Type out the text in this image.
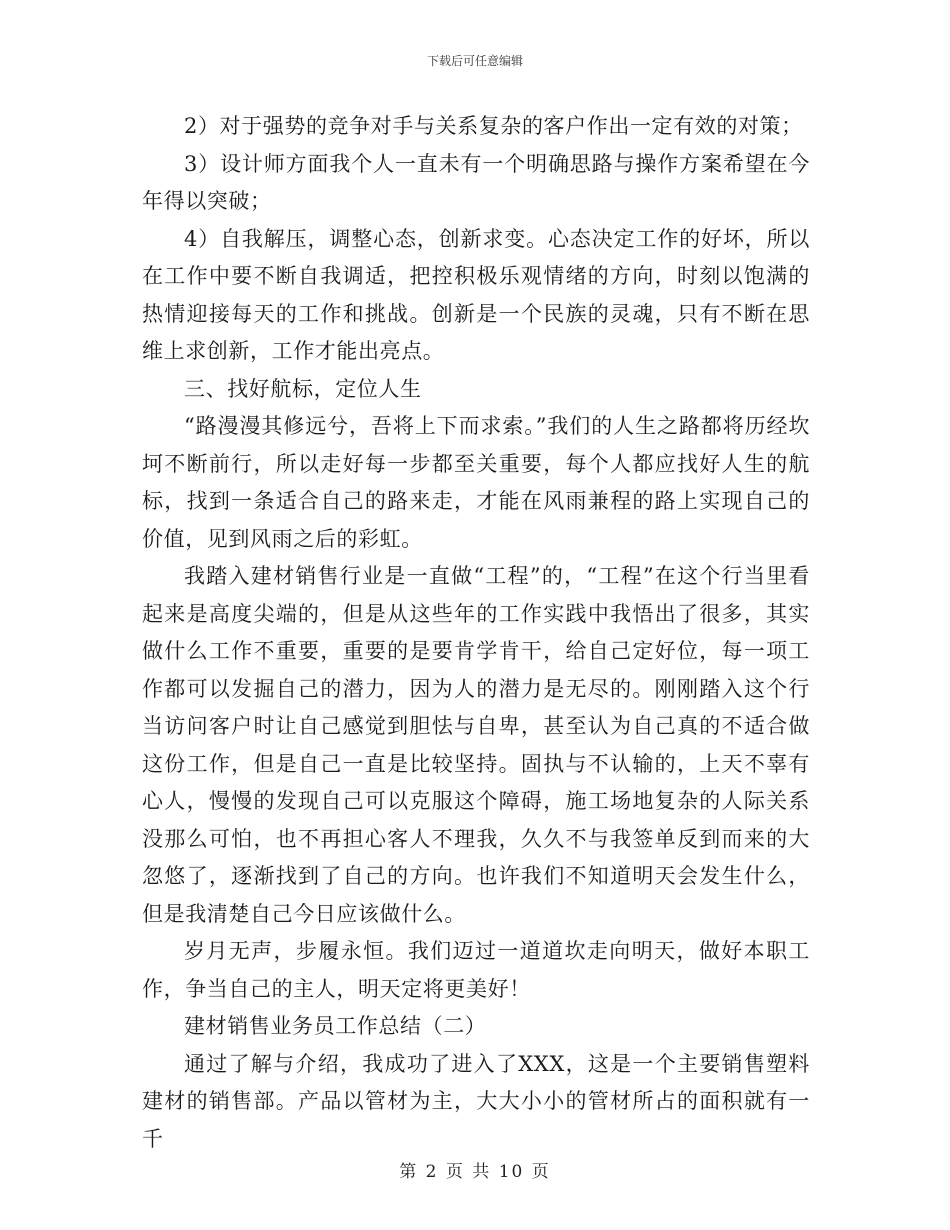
下载后可任意编辑

2）对于强势的竞争对手与关系复杂的客户作出一定有效的对策；

3）设计师方面我个人一直未有一个明确思路与操作方案希望在今年得以突破；

4）自我解压，调整心态，创新求变。心态决定工作的好坏，所以在工作中要不断自我调适，把控积极乐观情绪的方向，时刻以饱满的热情迎接每天的工作和挑战。创新是一个民族的灵魂，只有不断在思维上求创新，工作才能出亮点。

三、找好航标，定位人生

“路漫漫其修远兮，吾将上下而求索。”我们的人生之路都将历经坎坷不断前行，所以走好每一步都至关重要，每个人都应找好人生的航标，找到一条适合自己的路来走，才能在风雨兼程的路上实现自己的价值，见到风雨之后的彩虹。

我踏入建材销售行业是一直做“工程”的，“工程”在这个行当里看起来是高度尖端的，但是从这些年的工作实践中我悟出了很多，其实做什么工作不重要，重要的是要肯学肯干，给自己定好位，每一项工作都可以发掘自己的潜力，因为人的潜力是无尽的。刚刚踏入这个行当访问客户时让自己感觉到胆怯与自卑，甚至认为自己真的不适合做这份工作，但是自己一直是比较坚持。固执与不认输的，上天不辜有心人，慢慢的发现自己可以克服这个障碍，施工场地复杂的人际关系没那么可怕，也不再担心客人不理我，久久不与我签单反到而来的大忽悠了，逐渐找到了自己的方向。也许我们不知道明天会发生什么，但是我清楚自己今日应该做什么。

岁月无声，步履永恒。我们迈过一道道坎走向明天，做好本职工作，争当自己的主人，明天定将更美好！

建材销售业务员工作总结（二）

通过了解与介绍，我成功了进入了XXX，这是一个主要销售塑料建材的销售部。产品以管材为主，大大小小的管材所占的面积就有一千

第 2 页 共 10 页
